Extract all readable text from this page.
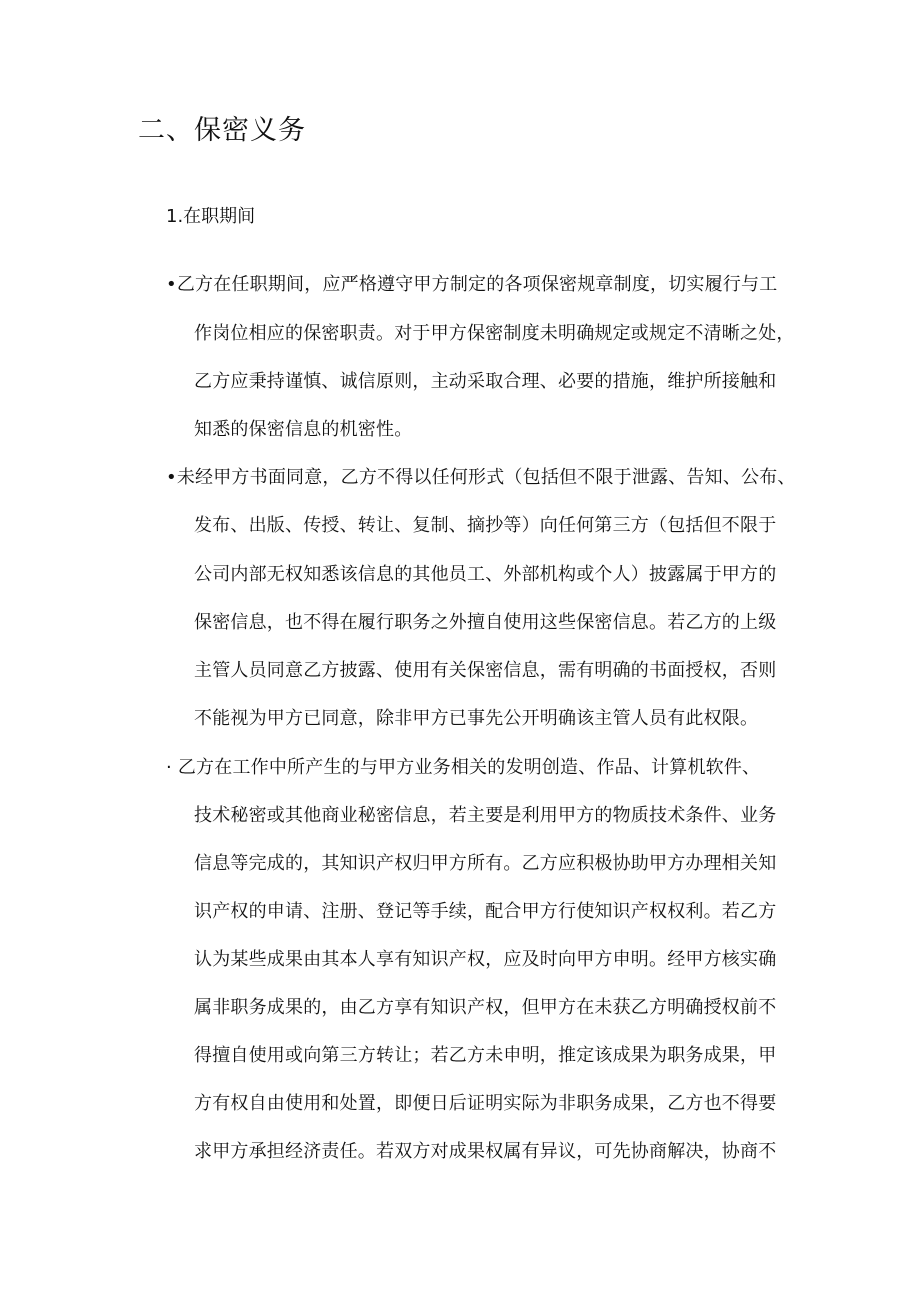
二、保密义务
1.在职期间
•乙方在任职期间，应严格遵守甲方制定的各项保密规章制度，切实履行与工
作岗位相应的保密职责。对于甲方保密制度未明确规定或规定不清晰之处，
乙方应秉持谨慎、诚信原则，主动采取合理、必要的措施，维护所接触和
知悉的保密信息的机密性。
•未经甲方书面同意，乙方不得以任何形式（包括但不限于泄露、告知、公布、
发布、出版、传授、转让、复制、摘抄等）向任何第三方（包括但不限于
公司内部无权知悉该信息的其他员工、外部机构或个人）披露属于甲方的
保密信息，也不得在履行职务之外擅自使用这些保密信息。若乙方的上级
主管人员同意乙方披露、使用有关保密信息，需有明确的书面授权，否则
不能视为甲方已同意，除非甲方已事先公开明确该主管人员有此权限。
· 乙方在工作中所产生的与甲方业务相关的发明创造、作品、计算机软件、
技术秘密或其他商业秘密信息，若主要是利用甲方的物质技术条件、业务
信息等完成的，其知识产权归甲方所有。乙方应积极协助甲方办理相关知
识产权的申请、注册、登记等手续，配合甲方行使知识产权权利。若乙方
认为某些成果由其本人享有知识产权，应及时向甲方申明。经甲方核实确
属非职务成果的，由乙方享有知识产权，但甲方在未获乙方明确授权前不
得擅自使用或向第三方转让；若乙方未申明，推定该成果为职务成果，甲
方有权自由使用和处置，即便日后证明实际为非职务成果，乙方也不得要
求甲方承担经济责任。若双方对成果权属有异议，可先协商解决，协商不
